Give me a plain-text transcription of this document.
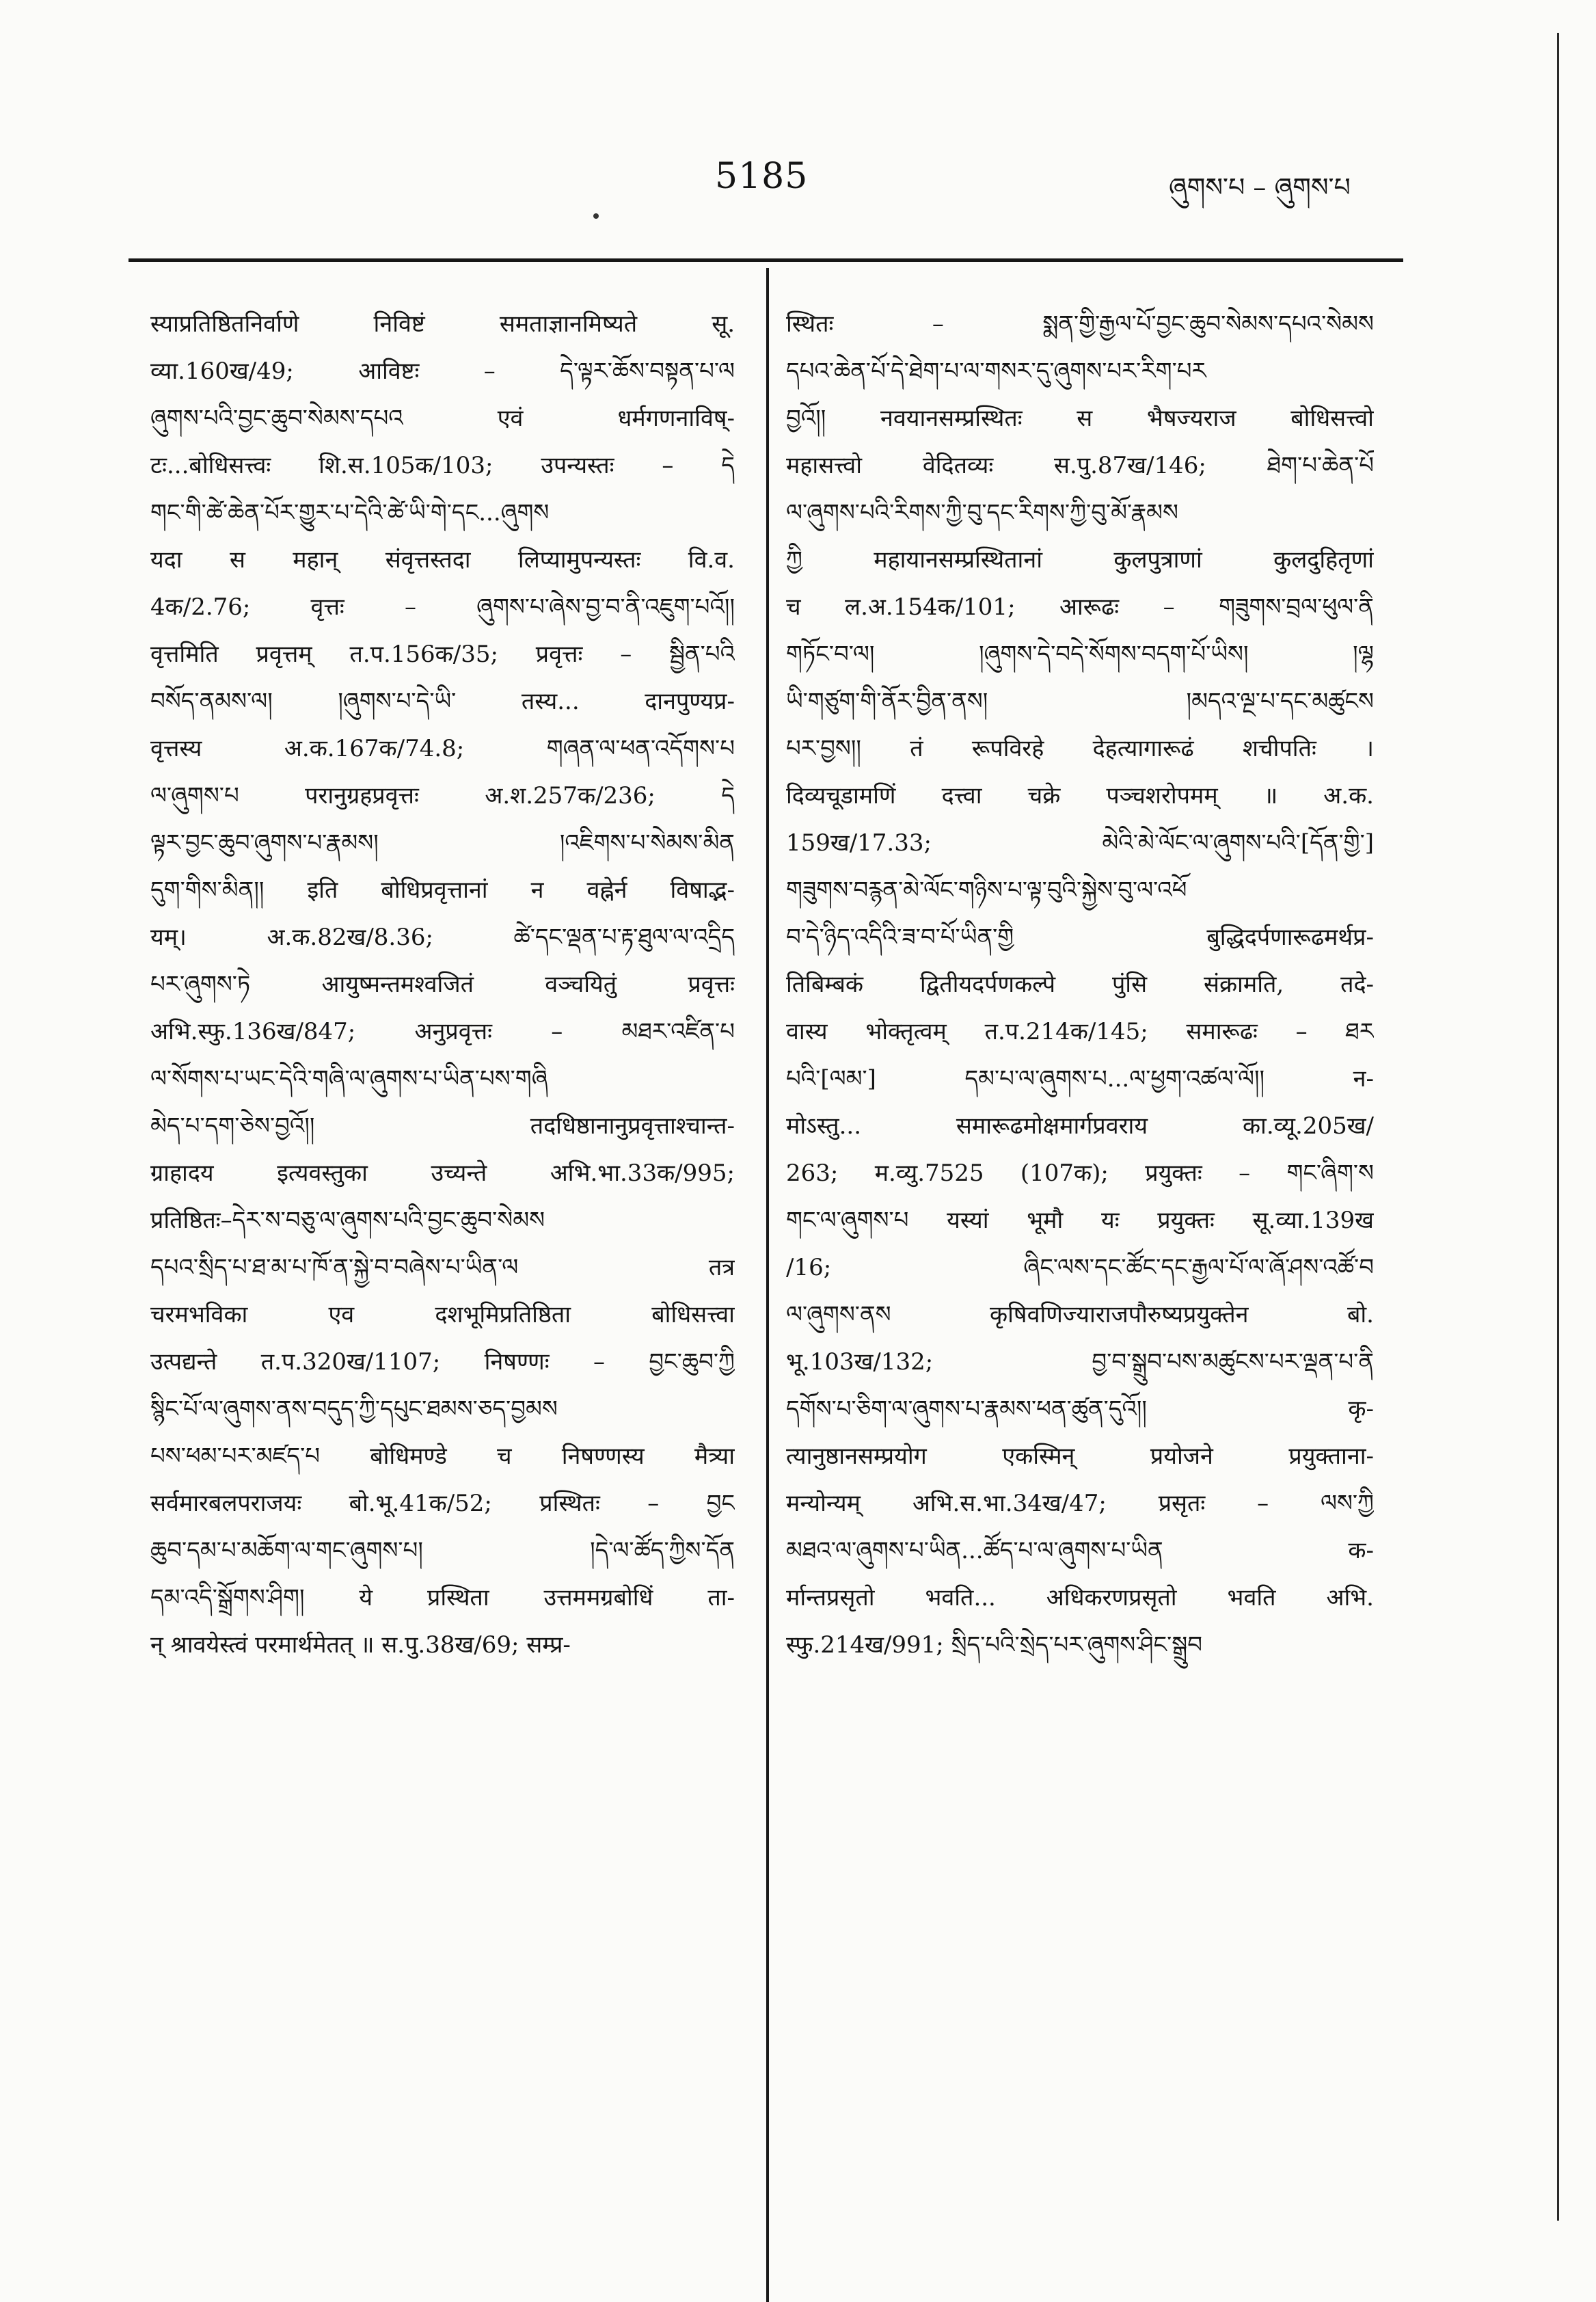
5185	ཞུགས་པ – ཞུགས་པ
स्याप्रतिष्ठितनिर्वाणे निविष्टं समताज्ञानमिष्यते सू.
व्या.160ख/49; आविष्टः – དེ་ལྟར་ཆོས་བསྟན་པ་ལ
ཞུགས་པའི་བྱང་ཆུབ་སེམས་དཔའ एवं धर्मगणनाविष्-
टः...बोधिसत्त्वः शि.स.105क/103; उपन्यस्तः – དེ
གང་གི་ཚེ་ཆེན་པོར་གྱུར་པ་དེའི་ཚེ་ཡི་གེ་དང...ཞུགས
यदा स महान् संवृत्तस्तदा लिप्यामुपन्यस्तः वि.व.
4क/2.76; वृत्तः – ཞུགས་པ་ཞེས་བྱ་བ་ནི་འཇུག་པའོ།།
वृत्तमिति प्रवृत्तम् त.प.156क/35; प्रवृत्तः – སྦྱིན་པའི
བསོད་ནམས་ལ། །ཞུགས་པ་དེ་ཡི་ तस्य... दानपुण्यप्र-
वृत्तस्य अ.क.167क/74.8; གཞན་ལ་ཕན་འདོགས་པ
ལ་ཞུགས་པ परानुग्रहप्रवृत्तः अ.श.257क/236; དེ
ལྟར་བྱང་ཆུབ་ཞུགས་པ་རྣམས། །འཇིགས་པ་སེམས་མིན
དུག་གིས་མིན།། इति बोधिप्रवृत्तानां न वह्नेर्न विषाद्भ-
यम्। अ.क.82ख/8.36; ཚེ་དང་ལྡན་པ་རྟ་ཐུལ་ལ་འདྲིད
པར་ཞུགས་ཏེ आयुष्मन्तमश्वजितं वञ्चयितुं प्रवृत्तः
अभि.स्फु.136ख/847; अनुप्रवृत्तः – མཐར་འཛིན་པ
ལ་སོགས་པ་ཡང་དེའི་གཞི་ལ་ཞུགས་པ་ཡིན་པས་གཞི
མེད་པ་དག་ཅེས་བྱའོ།། तदधिष्ठानानुप्रवृत्ताश्चान्त-
ग्राहादय इत्यवस्तुका उच्यन्ते अभि.भा.33क/995;
प्रतिष्ठितः–དེར་ས་བཅུ་ལ་ཞུགས་པའི་བྱང་ཆུབ་སེམས
དཔའ་སྲིད་པ་ཐ་མ་པ་ཁོ་ན་སྐྱེ་བ་བཞེས་པ་ཡིན་ལ तत्र
चरमभविका एव दशभूमिप्रतिष्ठिता बोधिसत्त्वा
उत्पद्यन्ते त.प.320ख/1107; निषण्णः – བྱང་ཆུབ་ཀྱི
སྙིང་པོ་ལ་ཞུགས་ནས་བདུད་ཀྱི་དཔུང་ཐམས་ཅད་བྱམས
པས་ཕམ་པར་མཛད་པ बोधिमण्डे च निषण्णस्य मैत्र्या
सर्वमारबलपराजयः बो.भू.41क/52; प्रस्थितः – བྱང
ཆུབ་དམ་པ་མཆོག་ལ་གང་ཞུགས་པ། །དེ་ལ་ཚོད་ཀྱིས་དོན
དམ་འདི་སྒྲོགས་ཤིག། ये प्रस्थिता उत्तममग्रबोधिं ता-
न् श्रावयेस्त्वं परमार्थमेतत् ॥ स.पु.38ख/69; सम्प्र-
स्थितः – སྨན་གྱི་རྒྱལ་པོ་བྱང་ཆུབ་སེམས་དཔའ་སེམས
དཔའ་ཆེན་པོ་དེ་ཐེག་པ་ལ་གསར་དུ་ཞུགས་པར་རིག་པར
བྱའོ།། नवयानसम्प्रस्थितः स भैषज्यराज बोधिसत्त्वो
महासत्त्वो वेदितव्यः स.पु.87ख/146; ཐེག་པ་ཆེན་པོ
ལ་ཞུགས་པའི་རིགས་ཀྱི་བུ་དང་རིགས་ཀྱི་བུ་མོ་རྣམས
ཀྱི महायानसम्प्रस्थितानां कुलपुत्राणां कुलदुहितृणां
च ल.अ.154क/101; आरूढः – གཟུགས་བྲལ་ཕུལ་ནི
གཏོང་བ་ལ། །ཞུགས་དེ་བདེ་སོགས་བདག་པོ་ཡིས། །ལྷ
ཡི་གཙུག་གི་ནོར་བྱིན་ནས། །མདའ་ལྔ་པ་དང་མཚུངས
པར་བྱས།། तं रूपविरहे देहत्यागारूढं शचीपतिः ।
दिव्यचूडामणिं दत्त्वा चक्रे पञ्चशरोपमम् ॥ अ.क.
159ख/17.33; མེའི་མེ་ལོང་ལ་ཞུགས་པའི་[དོན་གྱི་]
གཟུགས་བརྙན་མེ་ལོང་གཉིས་པ་ལྟ་བུའི་སྐྱེས་བུ་ལ་འཕོ
བ་དེ་ཉིད་འདིའི་ཟ་བ་པོ་ཡིན་གྱི बुद्धिदर्पणारूढमर्थप्र-
तिबिम्बकं द्वितीयदर्पणकल्पे पुंसि संक्रामति, तदे-
वास्य भोक्तृत्वम् त.प.214क/145; समारूढः – ཐར
པའི་[ལམ་] དམ་པ་ལ་ཞུགས་པ...ལ་ཕྱག་འཚལ་ལོ།། न-
मोऽस्तु... समारूढमोक्षमार्गप्रवराय का.व्यू.205ख/
263; म.व्यु.7525 (107क); प्रयुक्तः – གང་ཞིག་ས
གང་ལ་ཞུགས་པ यस्यां भूमौ यः प्रयुक्तः सू.व्या.139ख
/16; ཞིང་ལས་དང་ཚོང་དང་རྒྱལ་པོ་ལ་ཞོ་ཤས་འཚོ་བ
ལ་ཞུགས་ནས कृषिवणिज्याराजपौरुष्यप्रयुक्तेन बो.
भू.103ख/132; བྱ་བ་སྒྲུབ་པས་མཚུངས་པར་ལྡན་པ་ནི
དགོས་པ་ཅིག་ལ་ཞུགས་པ་རྣམས་ཕན་ཚུན་དུའོ།། कृ-
त्यानुष्ठानसम्प्रयोग एकस्मिन् प्रयोजने प्रयुक्ताना-
मन्योन्यम् अभि.स.भा.34ख/47; प्रसृतः – ལས་ཀྱི
མཐའ་ལ་ཞུགས་པ་ཡིན...ཚོད་པ་ལ་ཞུགས་པ་ཡིན क-
र्मान्तप्रसृतो भवति... अधिकरणप्रसृतो भवति अभि.
स्फु.214ख/991; སྲིད་པའི་སྲེད་པར་ཞུགས་ཤིང་སྒྲུབ
